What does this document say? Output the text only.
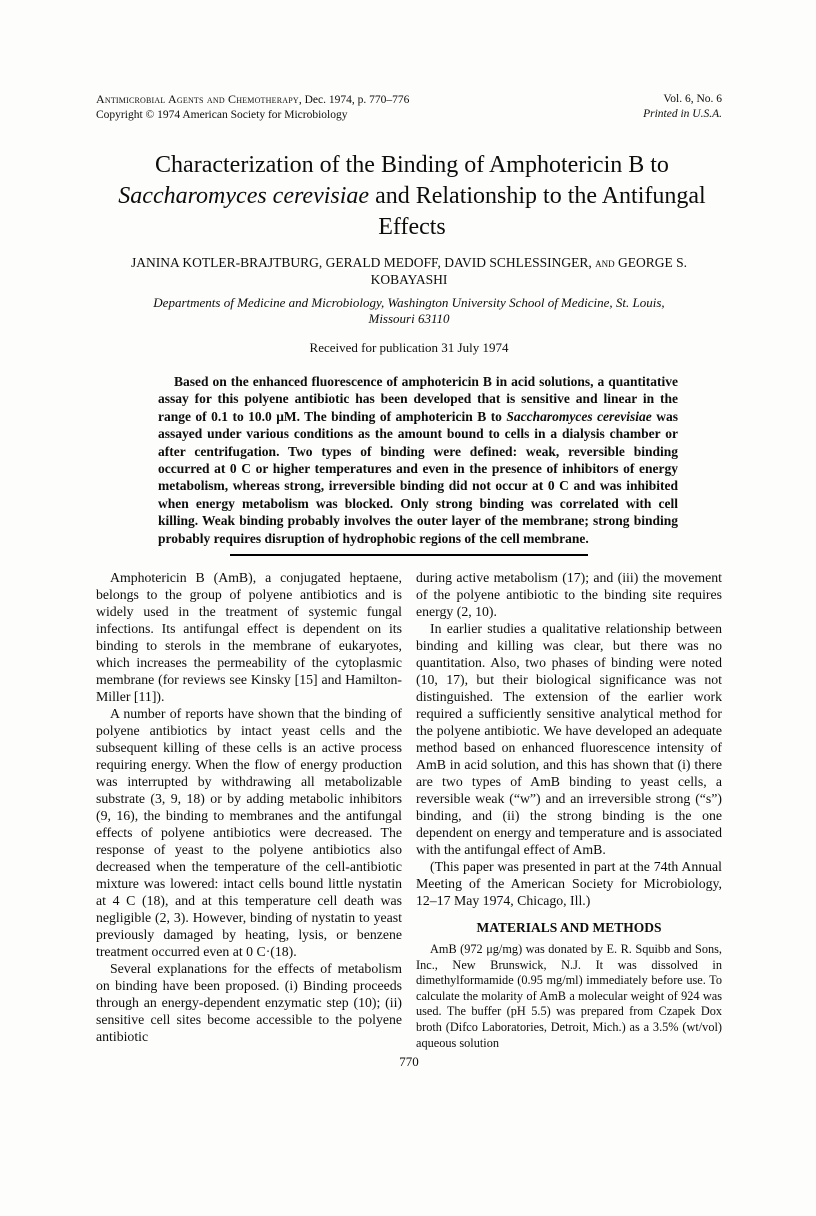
Antimicrobial Agents and Chemotherapy, Dec. 1974, p. 770–776
Copyright © 1974 American Society for Microbiology
Vol. 6, No. 6
Printed in U.S.A.
Characterization of the Binding of Amphotericin B to Saccharomyces cerevisiae and Relationship to the Antifungal Effects
JANINA KOTLER-BRAJTBURG, GERALD MEDOFF, DAVID SCHLESSINGER, and GEORGE S. KOBAYASHI
Departments of Medicine and Microbiology, Washington University School of Medicine, St. Louis, Missouri 63110
Received for publication 31 July 1974
Based on the enhanced fluorescence of amphotericin B in acid solutions, a quantitative assay for this polyene antibiotic has been developed that is sensitive and linear in the range of 0.1 to 10.0 μM. The binding of amphotericin B to Saccharomyces cerevisiae was assayed under various conditions as the amount bound to cells in a dialysis chamber or after centrifugation. Two types of binding were defined: weak, reversible binding occurred at 0 C or higher temperatures and even in the presence of inhibitors of energy metabolism, whereas strong, irreversible binding did not occur at 0 C and was inhibited when energy metabolism was blocked. Only strong binding was correlated with cell killing. Weak binding probably involves the outer layer of the membrane; strong binding probably requires disruption of hydrophobic regions of the cell membrane.

Amphotericin B (AmB), a conjugated heptaene, belongs to the group of polyene antibiotics and is widely used in the treatment of systemic fungal infections. Its antifungal effect is dependent on its binding to sterols in the membrane of eukaryotes, which increases the permeability of the cytoplasmic membrane (for reviews see Kinsky [15] and Hamilton-Miller [11]).

A number of reports have shown that the binding of polyene antibiotics by intact yeast cells and the subsequent killing of these cells is an active process requiring energy. When the flow of energy production was interrupted by withdrawing all metabolizable substrate (3, 9, 18) or by adding metabolic inhibitors (9, 16), the binding to membranes and the antifungal effects of polyene antibiotics were decreased. The response of yeast to the polyene antibiotics also decreased when the temperature of the cell-antibiotic mixture was lowered: intact cells bound little nystatin at 4 C (18), and at this temperature cell death was negligible (2, 3). However, binding of nystatin to yeast previously damaged by heating, lysis, or benzene treatment occurred even at 0 C·(18).

Several explanations for the effects of metabolism on binding have been proposed. (i) Binding proceeds through an energy-dependent enzymatic step (10); (ii) sensitive cell sites become accessible to the polyene antibiotic

during active metabolism (17); and (iii) the movement of the polyene antibiotic to the binding site requires energy (2, 10).

In earlier studies a qualitative relationship between binding and killing was clear, but there was no quantitation. Also, two phases of binding were noted (10, 17), but their biological significance was not distinguished. The extension of the earlier work required a sufficiently sensitive analytical method for the polyene antibiotic. We have developed an adequate method based on enhanced fluorescence intensity of AmB in acid solution, and this has shown that (i) there are two types of AmB binding to yeast cells, a reversible weak (“w”) and an irreversible strong (“s”) binding, and (ii) the strong binding is the one dependent on energy and temperature and is associated with the antifungal effect of AmB.

(This paper was presented in part at the 74th Annual Meeting of the American Society for Microbiology, 12–17 May 1974, Chicago, Ill.)

MATERIALS AND METHODS

AmB (972 μg/mg) was donated by E. R. Squibb and Sons, Inc., New Brunswick, N.J. It was dissolved in dimethylformamide (0.95 mg/ml) immediately before use. To calculate the molarity of AmB a molecular weight of 924 was used. The buffer (pH 5.5) was prepared from Czapek Dox broth (Difco Laboratories, Detroit, Mich.) as a 3.5% (wt/vol) aqueous solution

770
